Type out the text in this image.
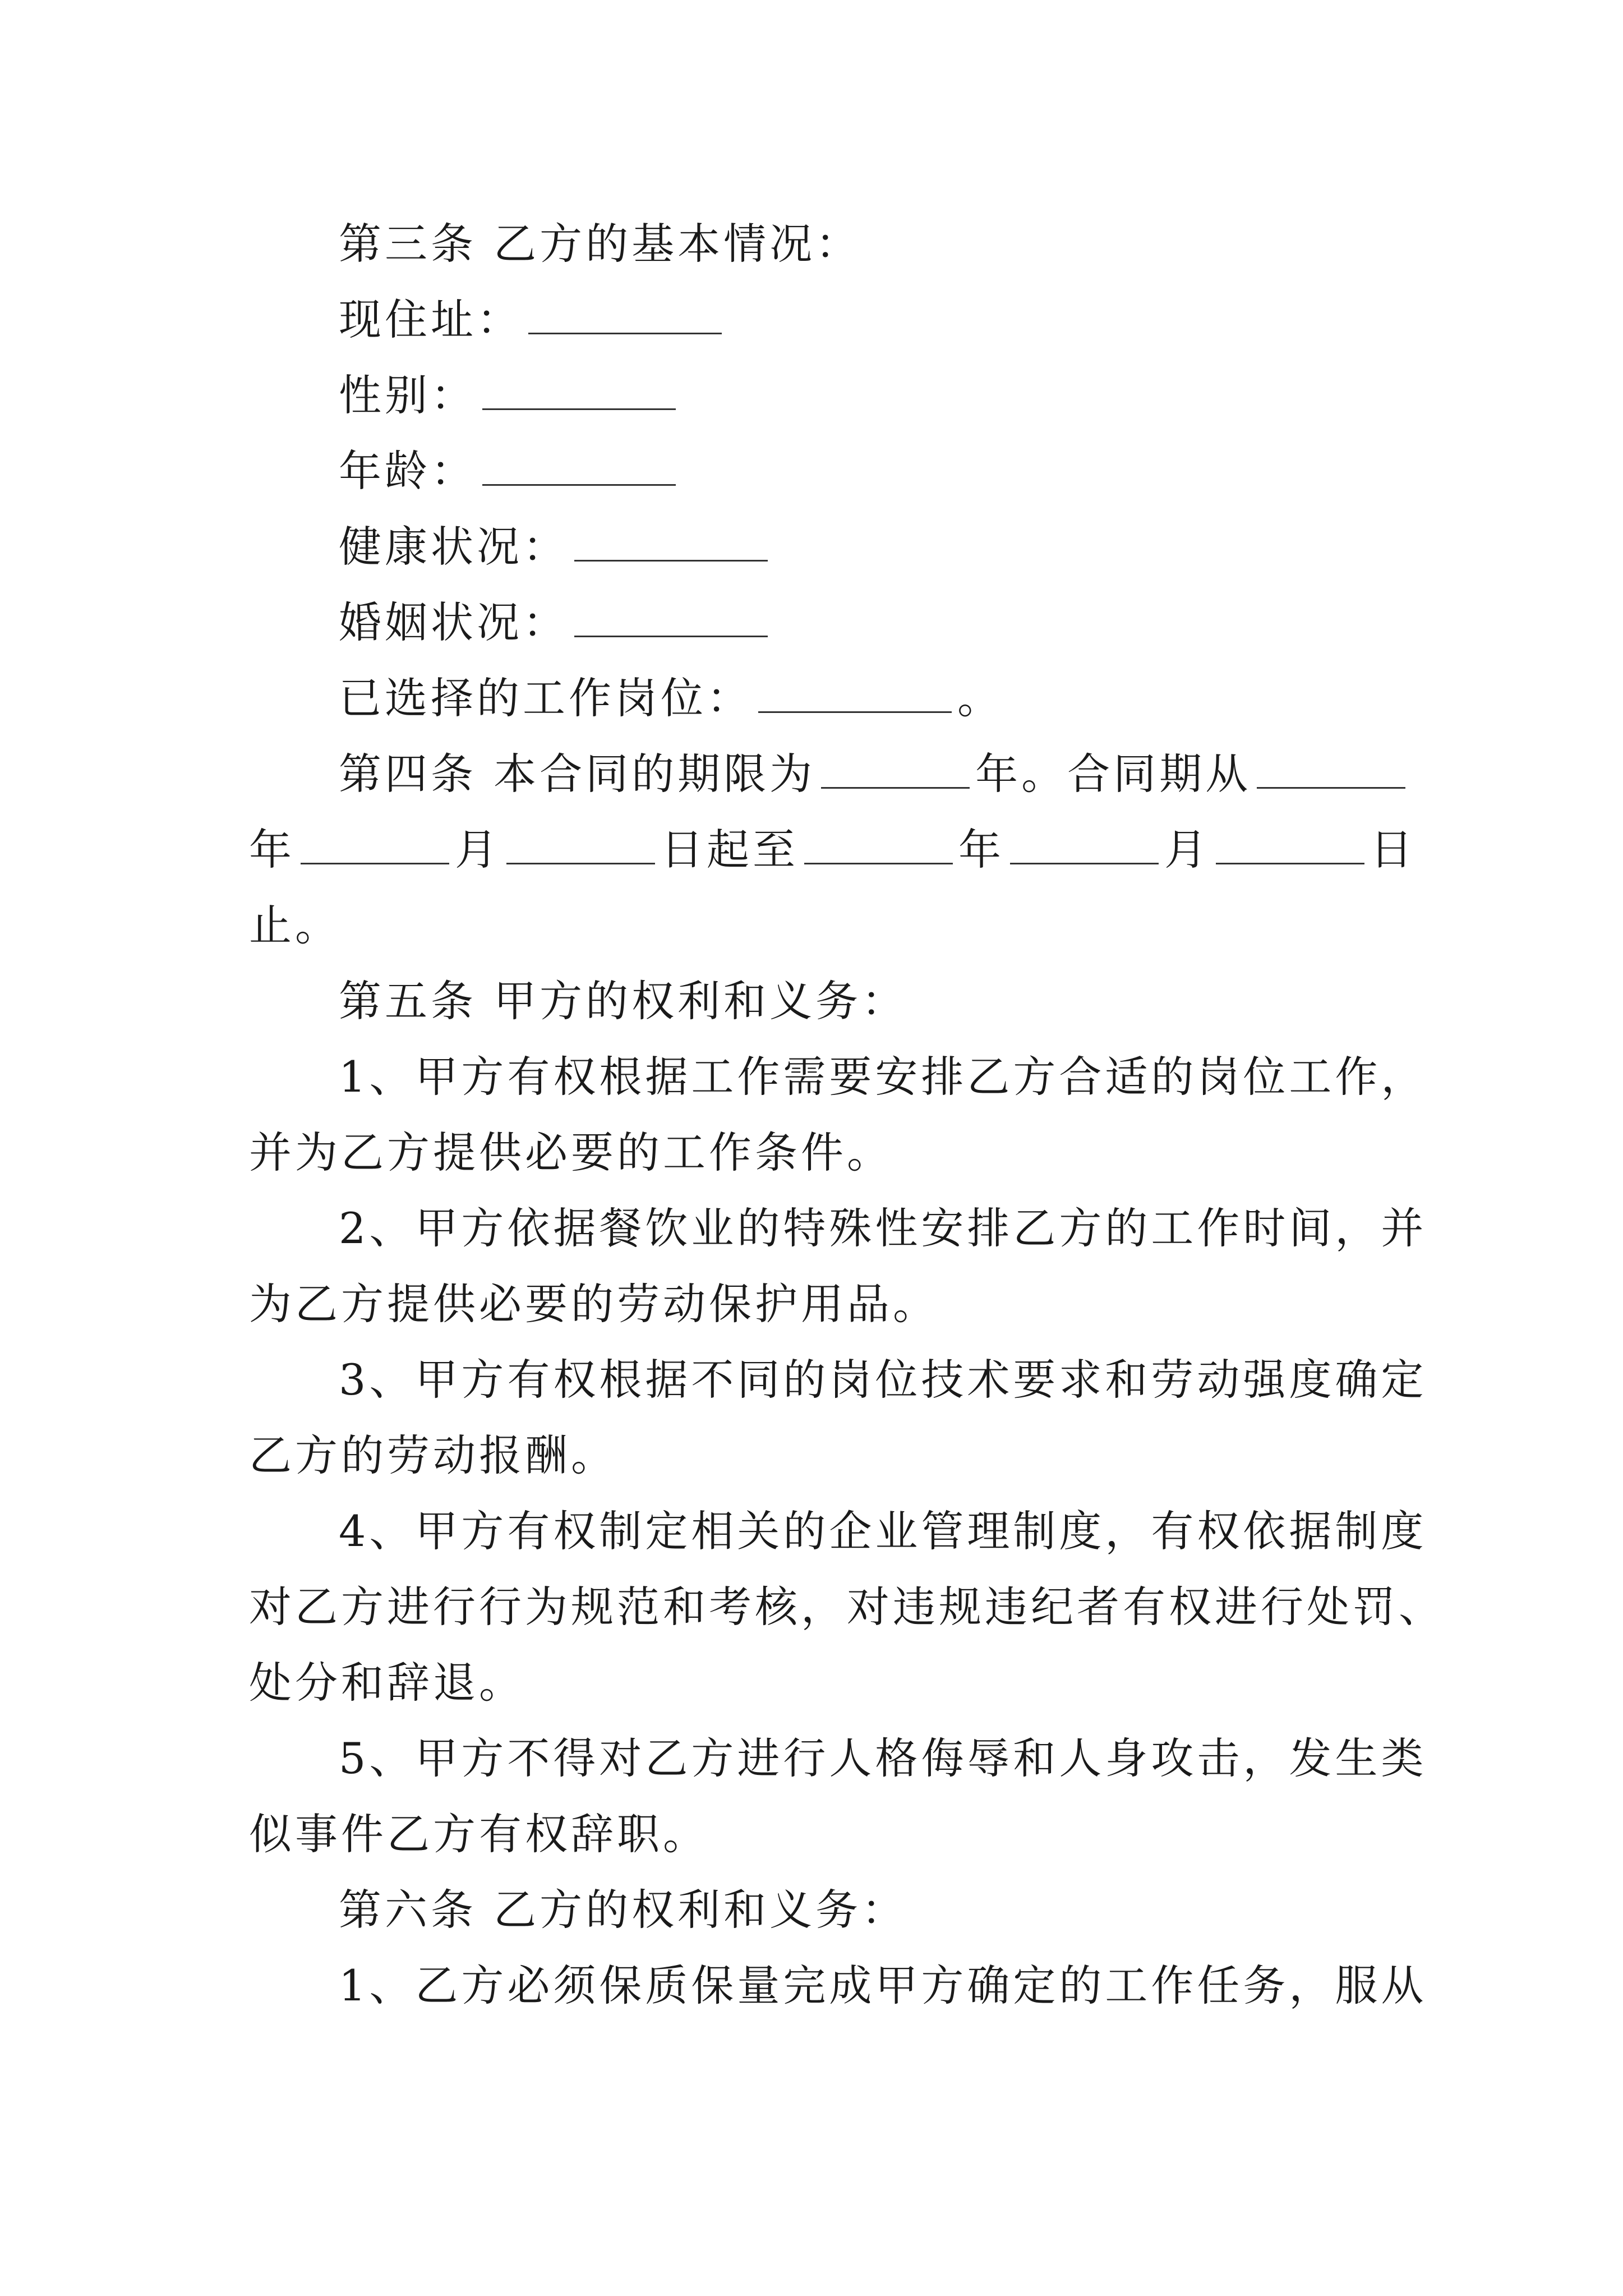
第三条 乙方的基本情况：
现住址：
性别：
年龄：
健康状况：
婚姻状况：
已选择的工作岗位：	。
第四条 本合同的期限为	年。合同期从
年	月	日起至	年	月	日
止。
第五条 甲方的权利和义务：
1、甲方有权根据工作需要安排乙方合适的岗位工作，
并为乙方提供必要的工作条件。
2、甲方依据餐饮业的特殊性安排乙方的工作时间，并
为乙方提供必要的劳动保护用品。
3、甲方有权根据不同的岗位技术要求和劳动强度确定
乙方的劳动报酬。
4、甲方有权制定相关的企业管理制度，有权依据制度
对乙方进行行为规范和考核，对违规违纪者有权进行处罚、
处分和辞退。
5、甲方不得对乙方进行人格侮辱和人身攻击，发生类
似事件乙方有权辞职。
第六条 乙方的权利和义务：
1、乙方必须保质保量完成甲方确定的工作任务，服从
